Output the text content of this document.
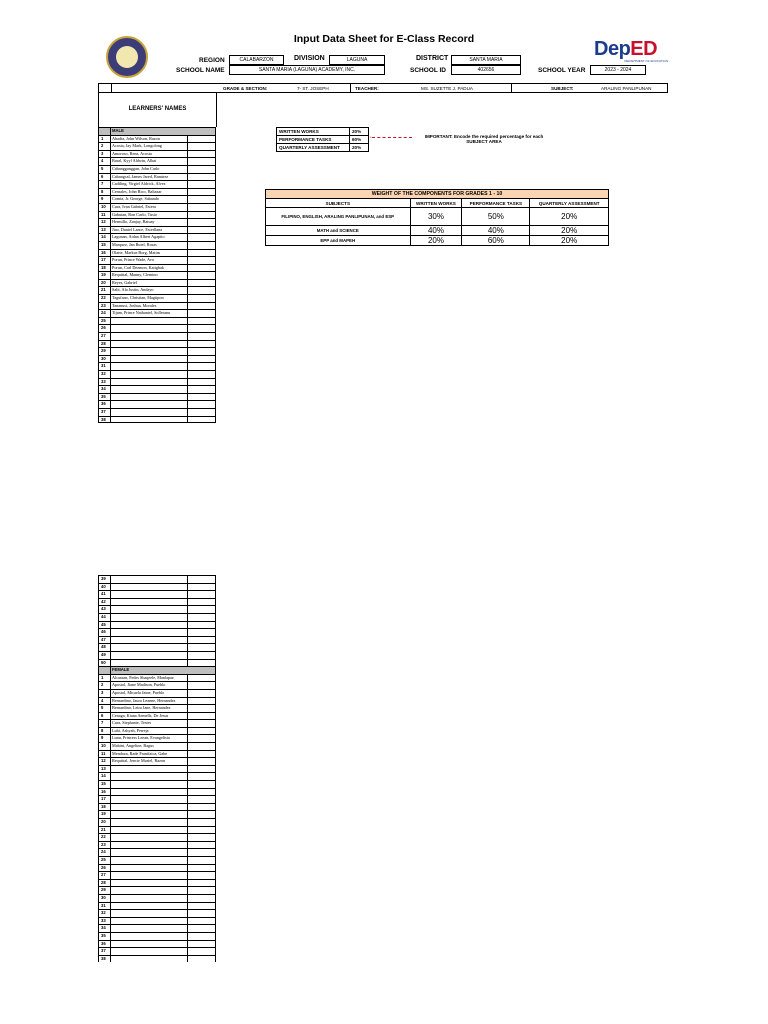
Input Data Sheet for E-Class Record	DepED
DEPARTMENT OF EDUCATION
REGION	CALABARZON	DIVISION	LAGUNA	DISTRICT	SANTA MARIA
SCHOOL NAME	SANTA MARIA (LAGUNA) ACADEMY, INC.	SCHOOL ID	402656	SCHOOL YEAR	2023 - 2024
GRADE & SECTION:	7- ST. JOSEPH	TEACHER:	MS. SUZETTE J. PADUA	SUBJECT:	ARALING PANLIPUNAN
LEARNERS' NAMES
MALE
1 Abadia, John Wilson, Razon
2 Acosta, Jay Mark, Longolong
3 Amoroso, Renz, Acosta
4 Bural, Kyyl Aldwin, Albai
5 Cabangganggan, John Carlo
6 Cabangcal, James Jared, Ramirez
7 Cadiling, Virgiel Aldrick, Alvez
8 Cernales, John Rico, Baltazar
9 Comia, Jr. George, Sabando
10 Cura, Ivan Gabriel, Estera
11 Gabutan, Ron Carlo, Tusio
12 Hermillo, Zanjay, Batuay
13 Jiao, Daniel Lance, Esterllana
14 Lagunan, Aidan Albert Agapito
15 Marquez, Jan Ruiel, Rosas
16 Olarte, Markus Borg, Matias
17 Porun, Prince Wade, Avo
18 Porun, Carl Dezmon, Katigbak
19 Requittal, Manny, Clemino
20 Reyes, Gabriel
21 Salit, Ala Justin, Andayo
22 Tagufano, Christian, Magtipon
23 Tananusi, Joshua, Morales
24 Tijam, Prince Nathaniel, Solleranu
25
26
27
28
29
30
31
32
33
34
35
36
37
38
39
40
41
42
43
44
45
46
47
48
49
50
FEMALE
1 Alcaraan, Fedes Shaqeele, Manlapaz
2 Apostol, Jiane Madison, Pueblo
3 Apostol, Micaela Jaine, Pueblo
4 Bernardino, Jaura Leanne, Hernandez
5 Bernardino, Letra Jane, Hernandez
6 Cenaga, Kiana Aemells, De Jesus
7 Cura, Stephanie, Testes
8 Lubi, Ashyah, Perreja
9 Lunu, Princess Leean, Evangelista
10 Mabini, Angeline, Bagus
11 Mendoza, Rade Franifaica, Gabe
12 Requittal, Jencie Muriel, Razon
13
14
15
16
17
18
19
20
21
22
23
24
25
26
27
28
29
30
31
32
33
34
35
36
37
38
WRITTEN WORKS	20%
PERFORMANCE TASKS	60%
QUARTERLY ASSESSMENT	20%
←	IMPORTANT: Encode the required percentage for each SUBJECT AREA
WEIGHT OF THE COMPONENTS FOR GRADES 1 - 10			
SUBJECTS	WRITTEN WORKS	PERFORMANCE TASKS	QUARTERLY ASSESSMENT
FILIPINO, ENGLISH, ARALING PANLIPUNAN, and ESP	30%	50%	20%
MATH and SCIENCE	40%	40%	20%
EPP and MAPEH	20%	60%	20%
